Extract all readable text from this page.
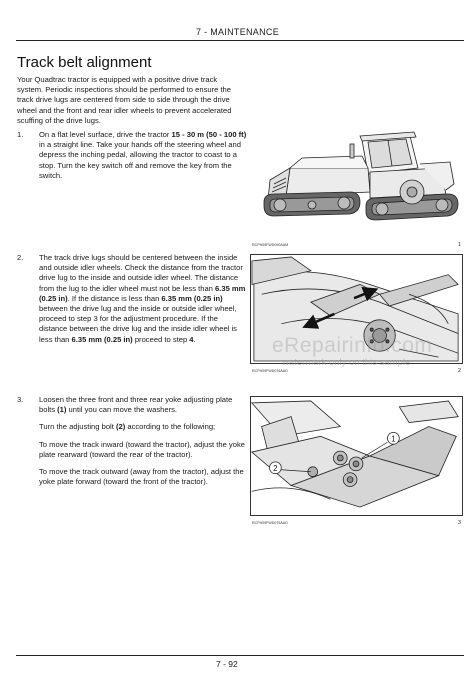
7 - MAINTENANCE
Track belt alignment

Your Quadtrac tractor is equipped with a positive drive track system. Periodic inspections should be performed to ensure the track drive lugs are centered from side to side through the drive wheel and the front and rear idler wheels to prevent accelerated scuffing of the drive lugs.

1.	On a flat level surface, drive the tractor 15 - 30 m (50 - 100 ft) in a straight line. Take your hands off the steering wheel and depress the inching pedal, allowing the tractor to coast to a stop. Turn the key switch off and remove the key from the switch.

2.	The track drive lugs should be centered between the inside and outside idler wheels. Check the distance from the tractor drive lug to the inside and outside idler wheel. The distance from the lug to the idler wheel must not be less than 6.35 mm (0.25 in). If the distance is less than 6.35 mm (0.25 in) between the drive lug and the inside or outside idler wheel, proceed to step 3 for the adjustment procedure. If the distance between the drive lug and the inside idler wheel is less than 6.35 mm (0.25 in) proceed to step 4.

3.	Loosen the three front and three rear yoke adjusting plate bolts (1) until you can move the washers.

Turn the adjusting bolt (2) according to the following;

To move the track inward (toward the tractor), adjust the yoke plate rearward (toward the rear of the tractor).

To move the track outward (away from the tractor), adjust the yoke plate forward (toward the front of the tractor).

RCPH09FWD090AAM	1
RCPH09FWD076AAG	2
eRepairinfo.com
watermark only on this sample
1
2
RCPH09FWD075AAG	3
7 - 92
